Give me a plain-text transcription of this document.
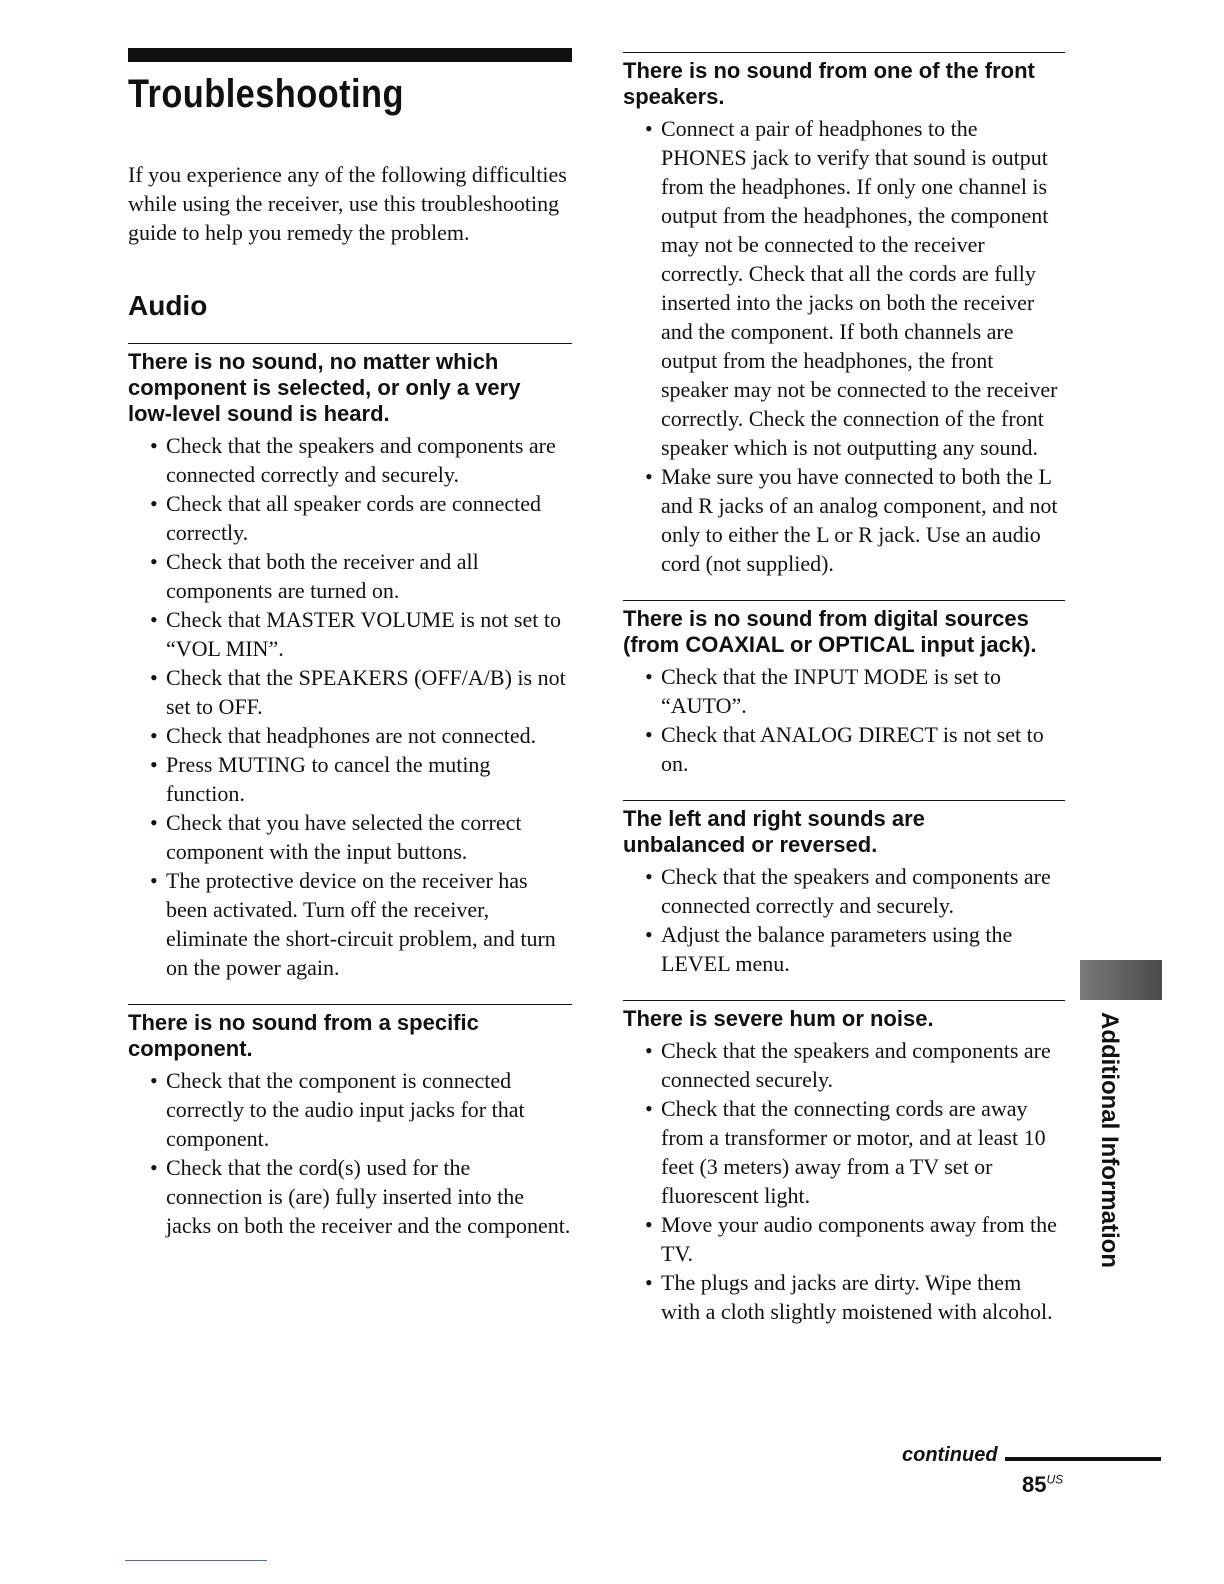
Troubleshooting

If you experience any of the following difficulties while using the receiver, use this troubleshooting guide to help you remedy the problem.

Audio
There is no sound, no matter which component is selected, or only a very low-level sound is heard.
• Check that the speakers and components are connected correctly and securely.
• Check that all speaker cords are connected correctly.
• Check that both the receiver and all components are turned on.
• Check that MASTER VOLUME is not set to “VOL MIN”.
• Check that the SPEAKERS (OFF/A/B) is not set to OFF.
• Check that headphones are not connected.
• Press MUTING to cancel the muting function.
• Check that you have selected the correct component with the input buttons.
• The protective device on the receiver has been activated. Turn off the receiver, eliminate the short-circuit problem, and turn on the power again.
There is no sound from a specific component.
• Check that the component is connected correctly to the audio input jacks for that component.
• Check that the cord(s) used for the connection is (are) fully inserted into the jacks on both the receiver and the component.
There is no sound from one of the front speakers.
• Connect a pair of headphones to the PHONES jack to verify that sound is output from the headphones. If only one channel is output from the headphones, the component may not be connected to the receiver correctly. Check that all the cords are fully inserted into the jacks on both the receiver and the component. If both channels are output from the headphones, the front speaker may not be connected to the receiver correctly. Check the connection of the front speaker which is not outputting any sound.
• Make sure you have connected to both the L and R jacks of an analog component, and not only to either the L or R jack. Use an audio cord (not supplied).
There is no sound from digital sources (from COAXIAL or OPTICAL input jack).
• Check that the INPUT MODE is set to “AUTO”.
• Check that ANALOG DIRECT is not set to on.
The left and right sounds are unbalanced or reversed.
• Check that the speakers and components are connected correctly and securely.
• Adjust the balance parameters using the LEVEL menu.
There is severe hum or noise.
• Check that the speakers and components are connected securely.
• Check that the connecting cords are away from a transformer or motor, and at least 10 feet (3 meters) away from a TV set or fluorescent light.
• Move your audio components away from the TV.
• The plugs and jacks are dirty. Wipe them with a cloth slightly moistened with alcohol.
Additional Information
continued
$85^{US}$
